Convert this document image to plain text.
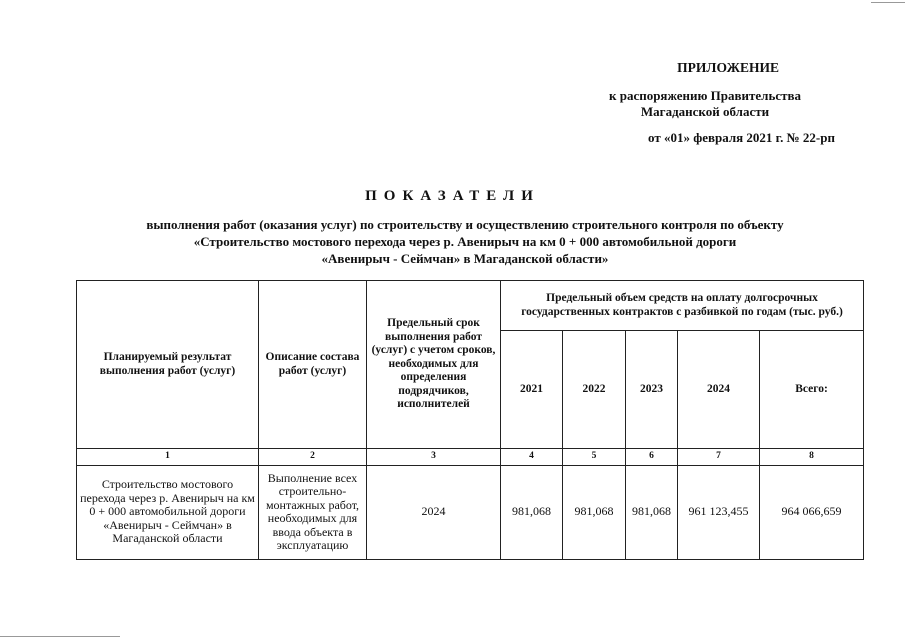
ПРИЛОЖЕНИЕ
к распоряжению Правительства
Магаданской области
от «01» февраля 2021 г. № 22-рп
ПОКАЗАТЕЛИ
выполнения работ (оказания услуг) по строительству и осуществлению строительного контроля по объекту
«Строительство мостового перехода через р. Авенирыч на км 0 + 000 автомобильной дороги
«Авенирыч - Сеймчан» в Магаданской области»
Планируемый результат выполнения работ (услуг)	Описание состава работ (услуг)	Предельный срок выполнения работ (услуг) с учетом сроков, необходимых для определения подрядчиков, исполнителей	Предельный объем средств на оплату долгосрочных государственных контрактов с разбивкой по годам (тыс. руб.)				
			2021	2022	2023	2024	Всего:
1	2	3	4	5	6	7	8
Строительство мостового перехода через р. Авенирыч на км 0 + 000 автомобильной дороги «Авенирыч - Сеймчан» в Магаданской области	Выполнение всех строительно-монтажных работ, необходимых для ввода объекта в эксплуатацию	2024	981,068	981,068	981,068	961 123,455	964 066,659
